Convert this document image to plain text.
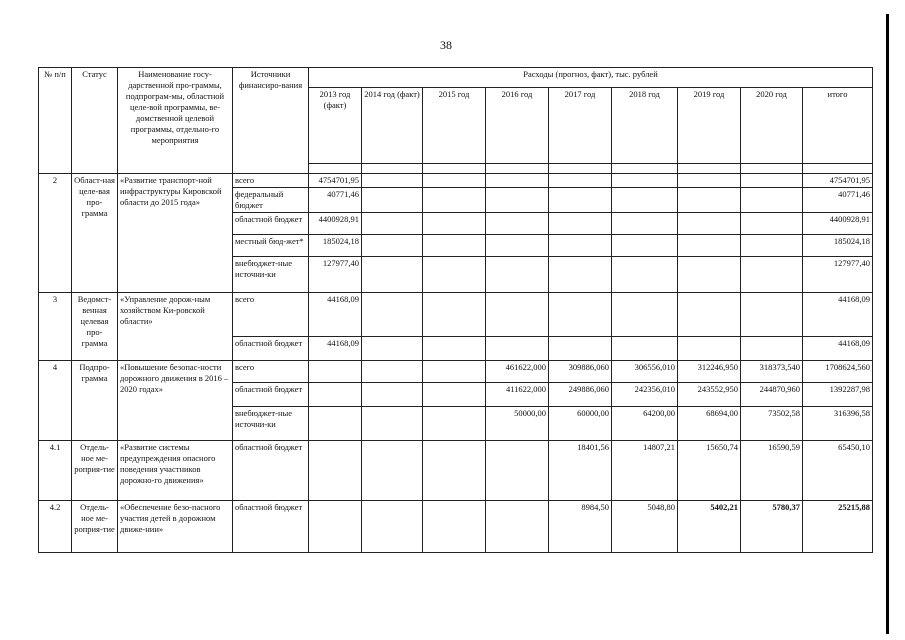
38
№ п/п	Статус	Наименование госу-дарственной про-граммы, подпрограм-мы, областной целе-вой программы, ве-домственной целевой программы, отдельно-го мероприятия	Источники финансиро-вания	Расходы (прогноз, факт), тыс. рублей								
				2013 год (факт)	2014 год (факт)	2015 год	2016 год	2017 год	2018 год	2019 год	2020 год	итого

2	Област-ная целе-вая про-грамма	«Развитие транспорт-ной инфраструктуры Кировской области до 2015 года»	всего	4754701,95								4754701,95
			федеральный бюджет	40771,46								40771,46
			областной бюджет	4400928,91								4400928,91
			местный бюд-жет*	185024,18								185024,18
			внебюджет-ные источни-ки	127977,40								127977,40
3	Ведомст-венная целевая про-грамма	«Управление дорож-ным хозяйством Ки-ровской области»	всего	44168,09								44168,09
			областной бюджет	44168,09								44168,09
4	Подпро-грамма	«Повышение безопас-ности дорожного движения в 2016 – 2020 годах»	всего				461622,000	309886,060	306556,010	312246,950	318373,540	1708624,560
			областной бюджет				411622,000	249886,060	242356,010	243552,950	244870,960	1392287,98
			внебюджет-ные источни-ки				50000,00	60000,00	64200,00	68694,00	73502,58	316396,58
4.1	Отдель-ное ме-роприя-тие	«Развитие системы предупреждения опасного поведения участников дорожно-го движения»	областной бюджет					18401,56	14807,21	15650,74	16590,59	65450,10
4.2	Отдель-ное ме-роприя-тие	«Обеспечение безо-пасного участия детей в дорожном движе-нии»	областной бюджет					8984,50	5048,80	5402,21	5780,37	25215,88
